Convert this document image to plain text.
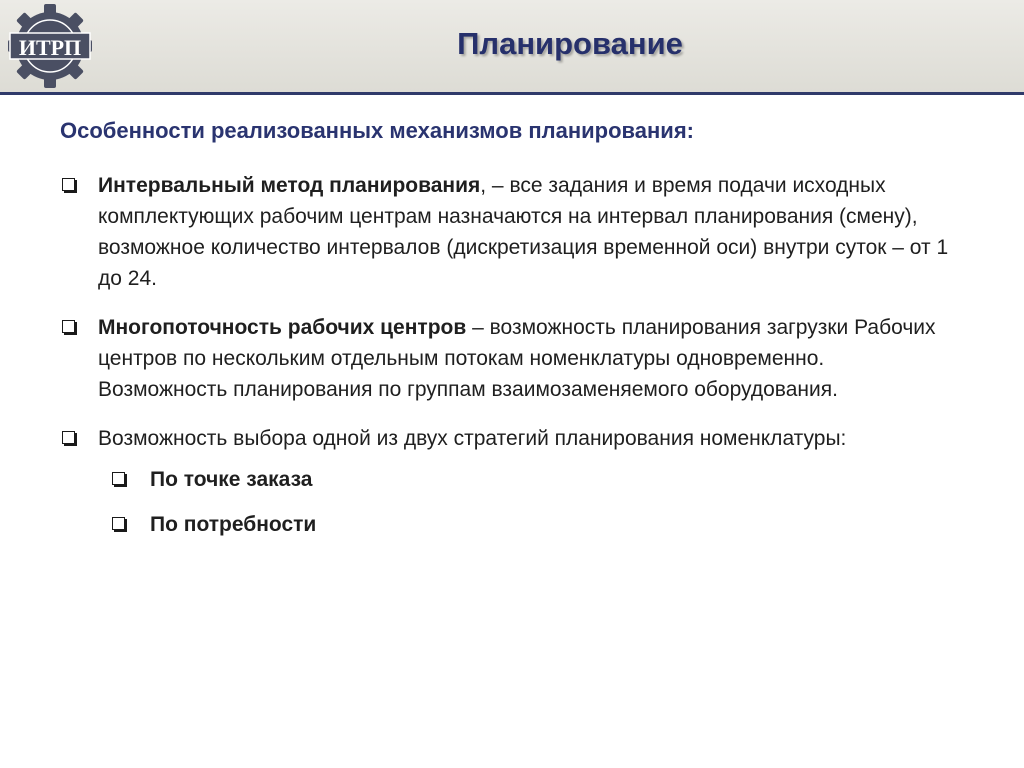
ИТРП	Планирование
Особенности реализованных механизмов планирования:
Интервальный метод планирования, – все задания и время подачи исходных комплектующих рабочим центрам назначаются на интервал планирования (смену), возможное количество интервалов (дискретизация временной оси) внутри суток – от 1 до 24.
Многопоточность рабочих центров – возможность планирования загрузки Рабочих центров по нескольким отдельным потокам номенклатуры одновременно. Возможность планирования по группам взаимозаменяемого оборудования.
Возможность выбора одной из двух стратегий планирования номенклатуры:
По точке заказа
По потребности
